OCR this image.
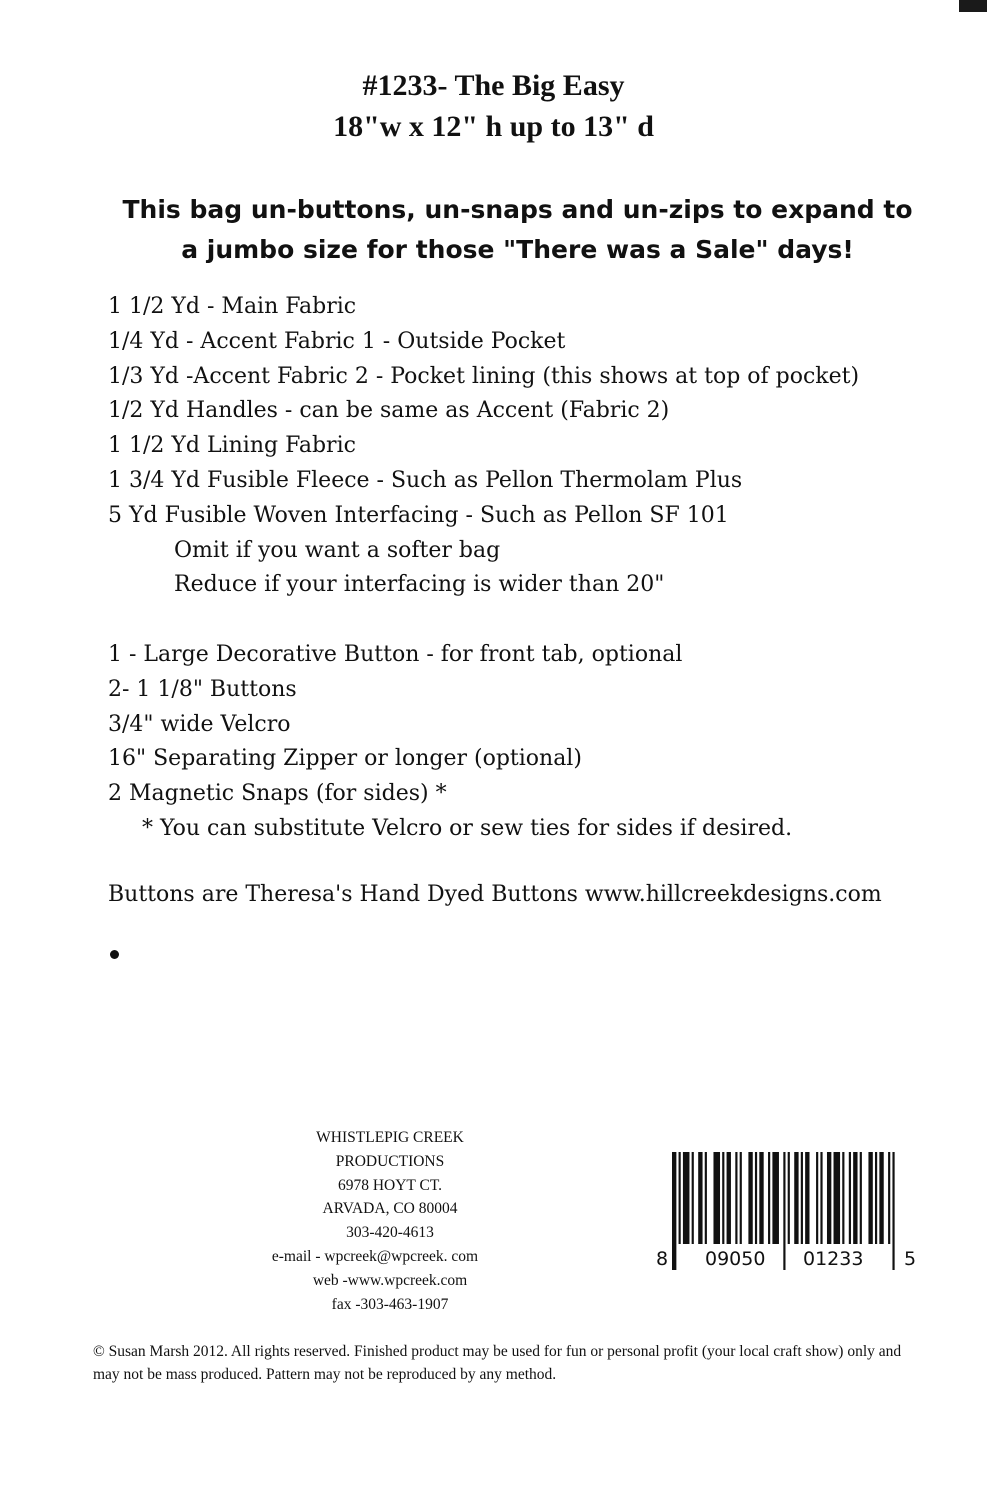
#1233- The Big Easy
18"w x 12" h up to 13" d
This bag un-buttons, un-snaps and un-zips to expand to
a jumbo size for those "There was a Sale" days!
1 1/2 Yd - Main Fabric
1/4 Yd - Accent Fabric 1 - Outside Pocket
1/3 Yd -Accent Fabric 2 - Pocket lining (this shows at top of pocket)
1/2 Yd Handles - can be same as Accent (Fabric 2)
1 1/2 Yd Lining Fabric
1 3/4 Yd Fusible Fleece - Such as Pellon Thermolam Plus
5 Yd Fusible Woven Interfacing - Such as Pellon SF 101
Omit if you want a softer bag
Reduce if your interfacing is wider than 20"
1 - Large Decorative Button - for front tab, optional
2- 1 1/8" Buttons
3/4" wide Velcro
16" Separating Zipper or longer (optional)
2 Magnetic Snaps (for sides) *
* You can substitute Velcro or sew ties for sides if desired.
Buttons are Theresa's Hand Dyed Buttons www.hillcreekdesigns.com
WHISTLEPIG CREEK
PRODUCTIONS
6978 HOYT CT.
ARVADA, CO 80004
303-420-4613
e-mail - wpcreek@wpcreek. com
web -www.wpcreek.com
fax -303-463-1907
8 09050 01233 5
© Susan Marsh 2012. All rights reserved. Finished product may be used for fun or personal profit (your local craft show) only and may not be mass produced. Pattern may not be reproduced by any method.
